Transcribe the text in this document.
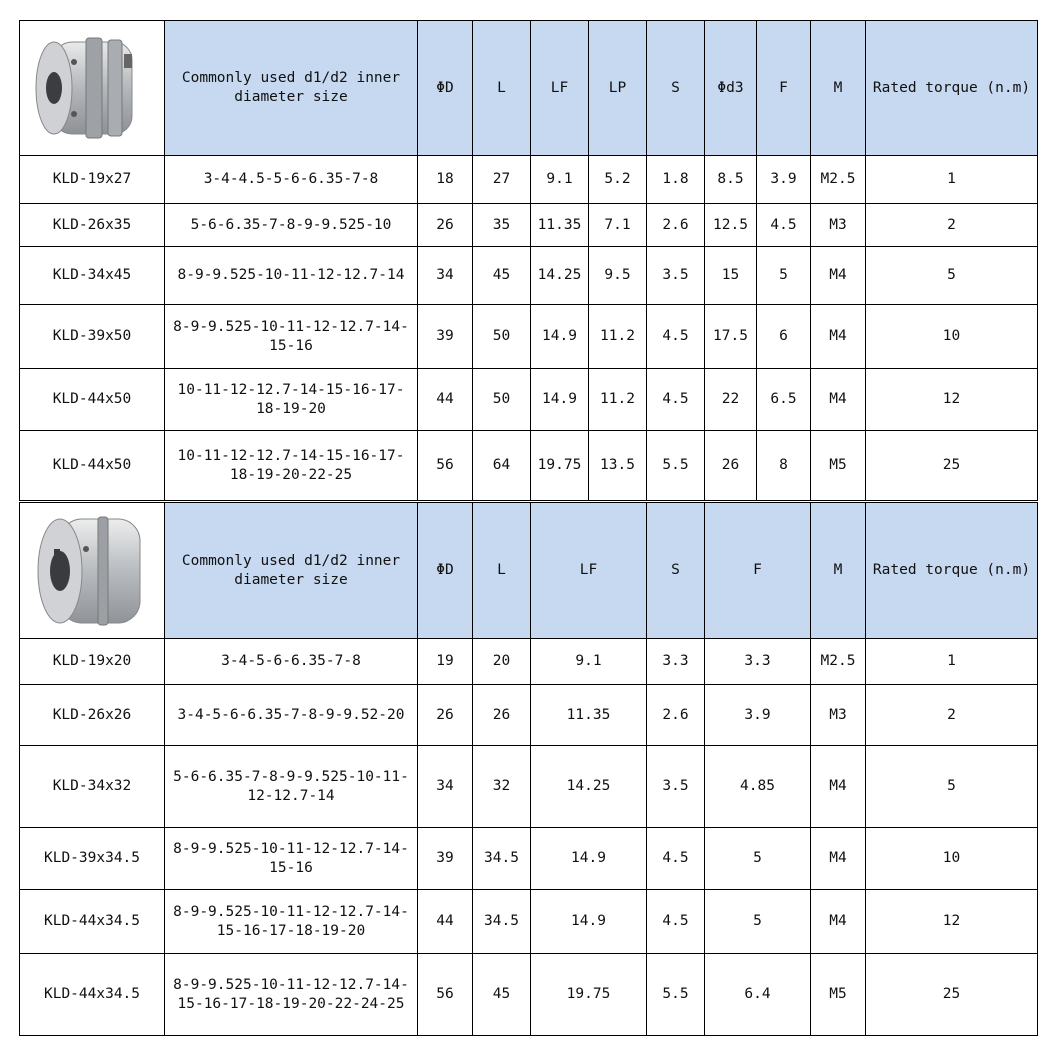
	Commonly used d1/d2 inner diameter size	ΦD	L	LF	LP	S	Φd3	F	M	Rated torque (n.m)
KLD-19x27	3-4-4.5-5-6-6.35-7-8	18	27	9.1	5.2	1.8	8.5	3.9	M2.5	1
KLD-26x35	5-6-6.35-7-8-9-9.525-10	26	35	11.35	7.1	2.6	12.5	4.5	M3	2
KLD-34x45	8-9-9.525-10-11-12-12.7-14	34	45	14.25	9.5	3.5	15	5	M4	5
KLD-39x50	8-9-9.525-10-11-12-12.7-14-15-16	39	50	14.9	11.2	4.5	17.5	6	M4	10
KLD-44x50	10-11-12-12.7-14-15-16-17-18-19-20	44	50	14.9	11.2	4.5	22	6.5	M4	12
KLD-44x50	10-11-12-12.7-14-15-16-17-18-19-20-22-25	56	64	19.75	13.5	5.5	26	8	M5	25
	Commonly used d1/d2 inner diameter size	ΦD	L	LF	S	F	M	Rated torque (n.m)
KLD-19x20	3-4-5-6-6.35-7-8	19	20	9.1	3.3	3.3	M2.5	1
KLD-26x26	3-4-5-6-6.35-7-8-9-9.52-20	26	26	11.35	2.6	3.9	M3	2
KLD-34x32	5-6-6.35-7-8-9-9.525-10-11-12-12.7-14	34	32	14.25	3.5	4.85	M4	5
KLD-39x34.5	8-9-9.525-10-11-12-12.7-14-15-16	39	34.5	14.9	4.5	5	M4	10
KLD-44x34.5	8-9-9.525-10-11-12-12.7-14-15-16-17-18-19-20	44	34.5	14.9	4.5	5	M4	12
KLD-44x34.5	8-9-9.525-10-11-12-12.7-14-15-16-17-18-19-20-22-24-25	56	45	19.75	5.5	6.4	M5	25
